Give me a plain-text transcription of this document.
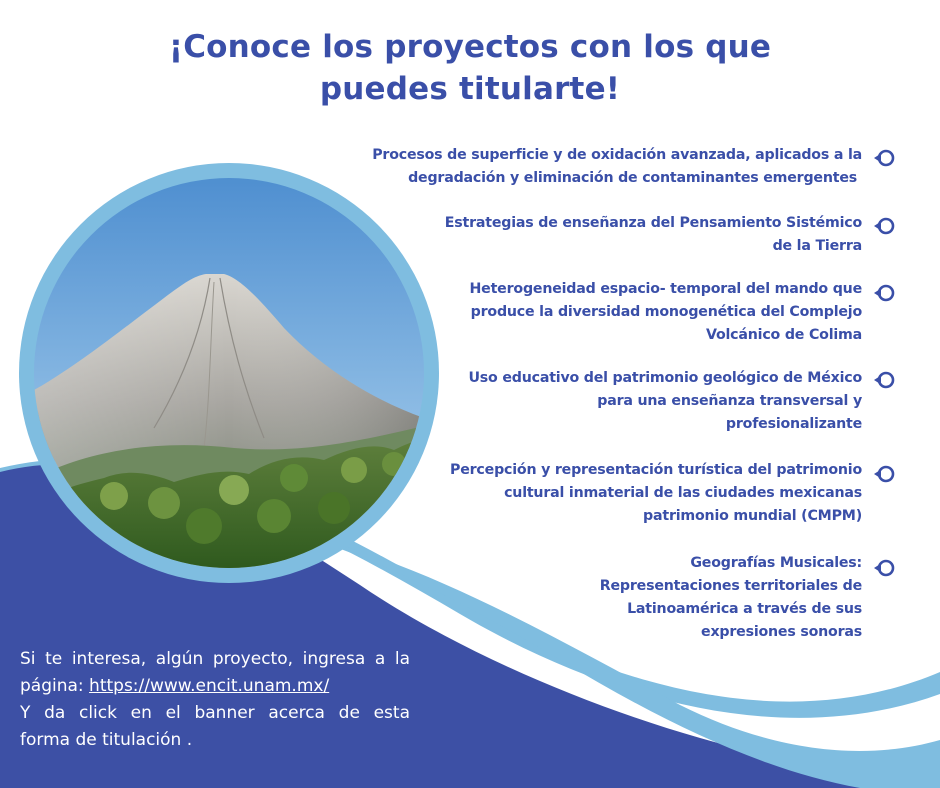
¡Conoce los proyectos con los que
puedes titularte!

Procesos de superficie y de oxidación avanzada, aplicados a la
degradación y eliminación de contaminantes emergentes

Estrategias de enseñanza del Pensamiento Sistémico
de la Tierra

Heterogeneidad espacio- temporal del mando que
produce la diversidad monogenética del Complejo
Volcánico de Colima

Uso educativo del patrimonio geológico de México
para una enseñanza transversal y
profesionalizante

Percepción y representación turística del patrimonio
cultural inmaterial de las ciudades mexicanas
patrimonio mundial (CMPM)

Geografías Musicales:
Representaciones territoriales de
Latinoamérica a través de sus
expresiones sonoras

Si te interesa, algún proyecto, ingresa a la
página: https://www.encit.unam.mx/
Y da click en el banner acerca de esta
forma de titulación .
